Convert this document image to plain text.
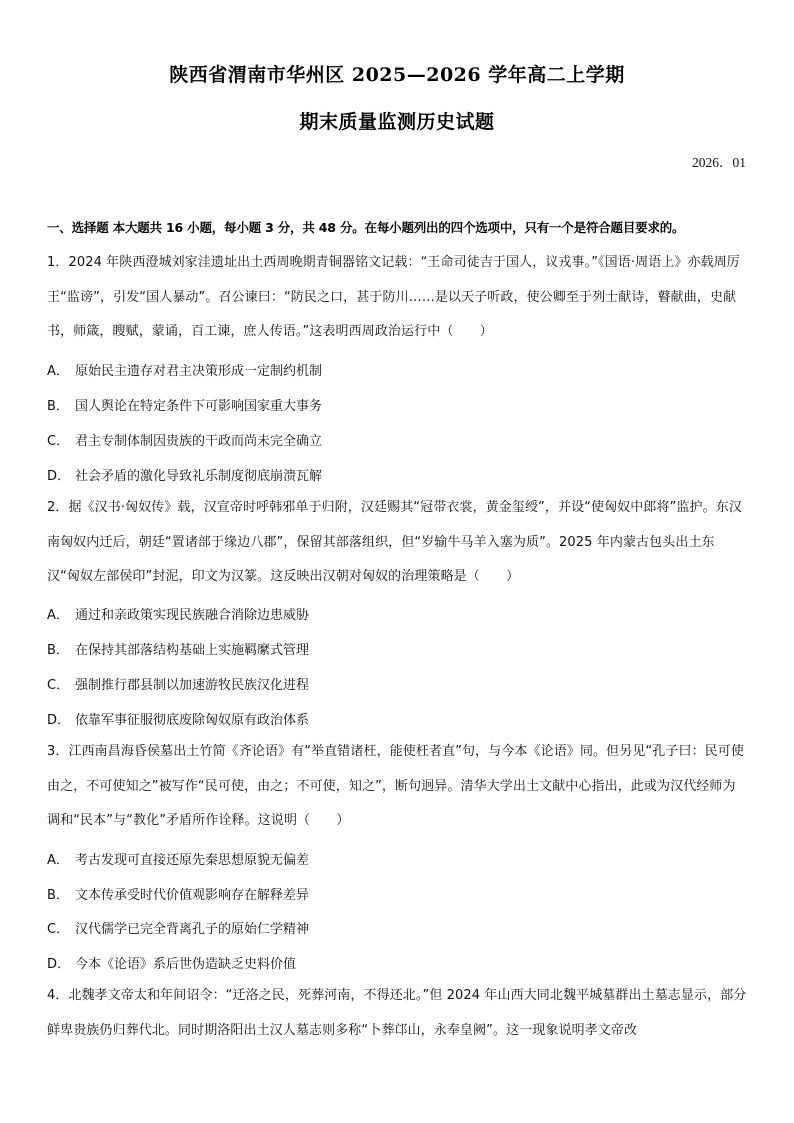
陕西省渭南市华州区 2025—2026 学年高二上学期
期末质量监测历史试题
2026．01
一、选择题 本大题共 16 小题，每小题 3 分，共 48 分。在每小题列出的四个选项中，只有一个是符合题目要求的。
1．2024 年陕西澄城刘家洼遗址出土西周晚期青铜器铭文记载：“王命司徒吉于国人，议戎事。”《国语·周语上》亦载周厉王“监谤”，引发“国人暴动”。召公谏曰：“防民之口，甚于防川……是以天子听政，使公卿至于列士献诗，瞽献曲，史献书，师箴，瞍赋，蒙诵，百工谏，庶人传语。”这表明西周政治运行中（　　）
A． 原始民主遗存对君主决策形成一定制约机制
B． 国人舆论在特定条件下可影响国家重大事务
C． 君主专制体制因贵族的干政而尚未完全确立
D． 社会矛盾的激化导致礼乐制度彻底崩溃瓦解
2．据《汉书·匈奴传》载，汉宣帝时呼韩邪单于归附，汉廷赐其“冠带衣裳，黄金玺绶”，并设“使匈奴中郎将”监护。东汉南匈奴内迁后，朝廷“置诸部于缘边八郡”，保留其部落组织，但“岁输牛马羊入塞为质”。2025 年内蒙古包头出土东汉“匈奴左部侯印”封泥，印文为汉篆。这反映出汉朝对匈奴的治理策略是（　　）
A． 通过和亲政策实现民族融合消除边患威胁
B． 在保持其部落结构基础上实施羁縻式管理
C． 强制推行郡县制以加速游牧民族汉化进程
D． 依靠军事征服彻底废除匈奴原有政治体系
3．江西南昌海昏侯墓出土竹简《齐论语》有“举直错诸枉，能使枉者直”句，与今本《论语》同。但另见“孔子曰：民可使由之，不可使知之”被写作“民可使，由之；不可使，知之”，断句迥异。清华大学出土文献中心指出，此或为汉代经师为调和“民本”与“教化”矛盾所作诠释。这说明（　　）
A． 考古发现可直接还原先秦思想原貌无偏差
B． 文本传承受时代价值观影响存在解释差异
C． 汉代儒学已完全背离孔子的原始仁学精神
D． 今本《论语》系后世伪造缺乏史料价值
4．北魏孝文帝太和年间诏令：“迁洛之民，死葬河南，不得还北。”但 2024 年山西大同北魏平城墓群出土墓志显示，部分鲜卑贵族仍归葬代北。同时期洛阳出土汉人墓志则多称“卜葬邙山，永奉皇阙”。这一现象说明孝文帝改
